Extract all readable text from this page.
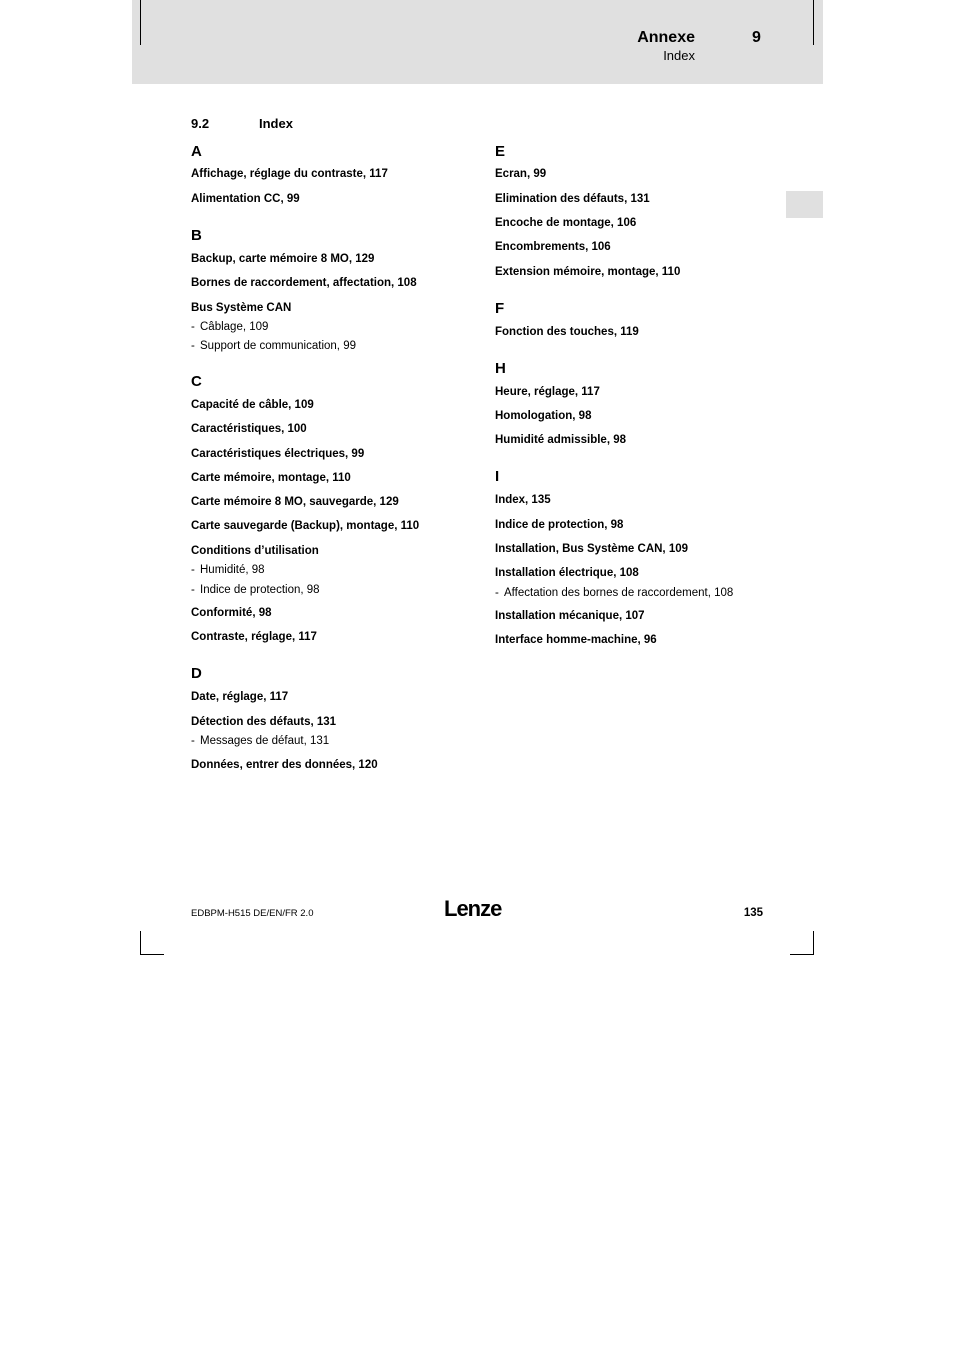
Annexe	9
Index
9.2	Index
A
Affichage, réglage du contraste, 117
Alimentation CC, 99
B
Backup, carte mémoire 8 MO, 129
Bornes de raccordement, affectation, 108
Bus Système CAN
- Câblage, 109
- Support de communication, 99
C
Capacité de câble, 109
Caractéristiques, 100
Caractéristiques électriques, 99
Carte mémoire, montage, 110
Carte mémoire 8 MO, sauvegarde, 129
Carte sauvegarde (Backup), montage, 110
Conditions d’utilisation
- Humidité, 98
- Indice de protection, 98
Conformité, 98
Contraste, réglage, 117
D
Date, réglage, 117
Détection des défauts, 131
- Messages de défaut, 131
Données, entrer des données, 120
E
Ecran, 99
Elimination des défauts, 131
Encoche de montage, 106
Encombrements, 106
Extension mémoire, montage, 110
F
Fonction des touches, 119
H
Heure, réglage, 117
Homologation, 98
Humidité admissible, 98
I
Index, 135
Indice de protection, 98
Installation, Bus Système CAN, 109
Installation électrique, 108
- Affectation des bornes de raccordement, 108
Installation mécanique, 107
Interface homme-machine, 96
EDBPM-H515 DE/EN/FR 2.0	Lenze	135
